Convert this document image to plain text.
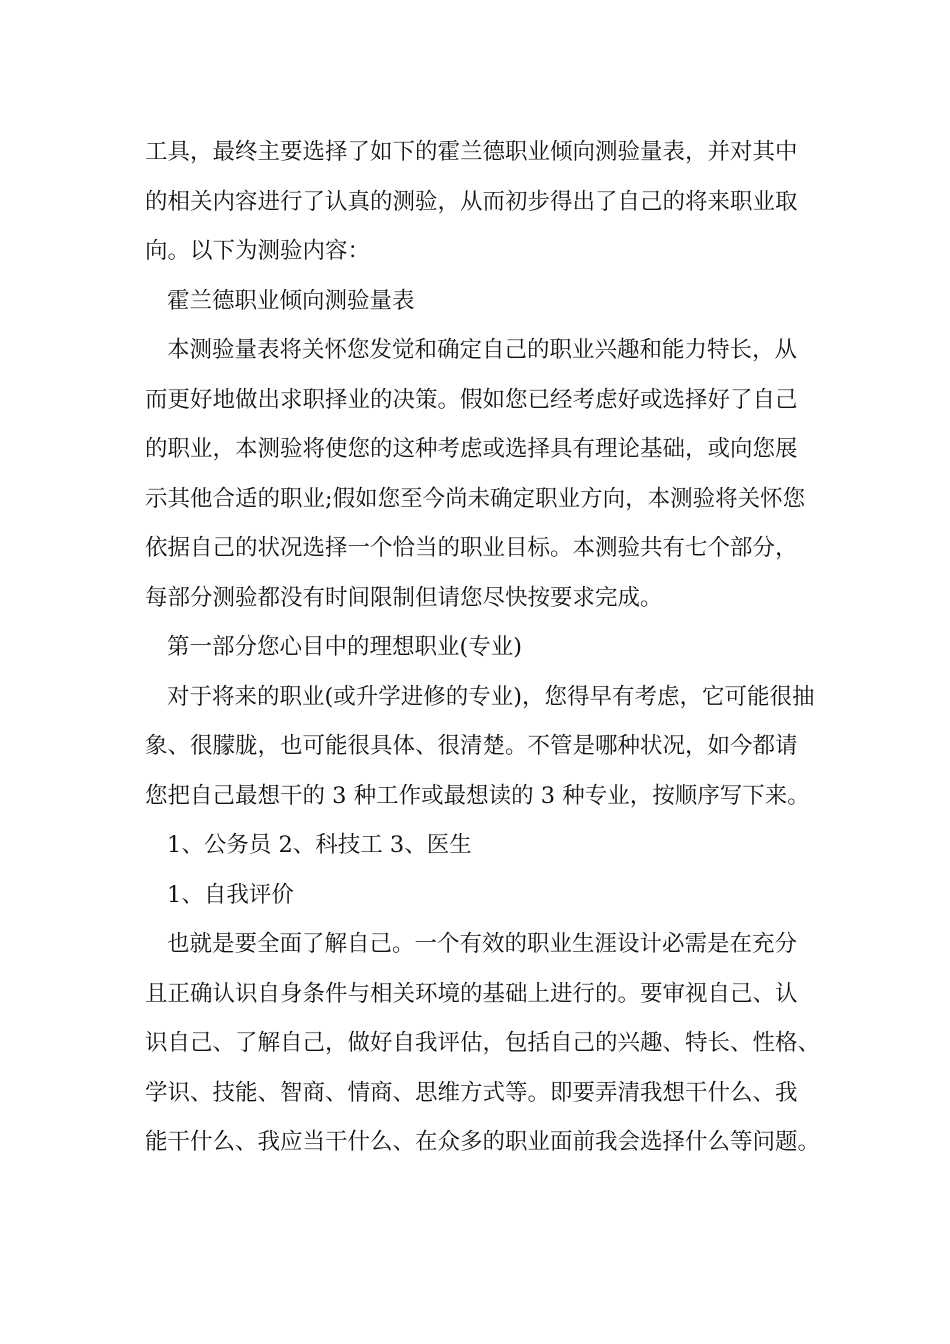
工具，最终主要选择了如下的霍兰德职业倾向测验量表，并对其中
的相关内容进行了认真的测验，从而初步得出了自己的将来职业取
向。以下为测验内容：
霍兰德职业倾向测验量表
本测验量表将关怀您发觉和确定自己的职业兴趣和能力特长，从
而更好地做出求职择业的决策。假如您已经考虑好或选择好了自己
的职业，本测验将使您的这种考虑或选择具有理论基础，或向您展
示其他合适的职业;假如您至今尚未确定职业方向，本测验将关怀您
依据自己的状况选择一个恰当的职业目标。本测验共有七个部分，
每部分测验都没有时间限制但请您尽快按要求完成。
第一部分您心目中的理想职业(专业)
对于将来的职业(或升学进修的专业)，您得早有考虑，它可能很抽
象、很朦胧，也可能很具体、很清楚。不管是哪种状况，如今都请
您把自己最想干的 3 种工作或最想读的 3 种专业，按顺序写下来。
1、公务员 2、科技工 3、医生
1、自我评价
也就是要全面了解自己。一个有效的职业生涯设计必需是在充分
且正确认识自身条件与相关环境的基础上进行的。要审视自己、认
识自己、了解自己，做好自我评估，包括自己的兴趣、特长、性格、
学识、技能、智商、情商、思维方式等。即要弄清我想干什么、我
能干什么、我应当干什么、在众多的职业面前我会选择什么等问题。
